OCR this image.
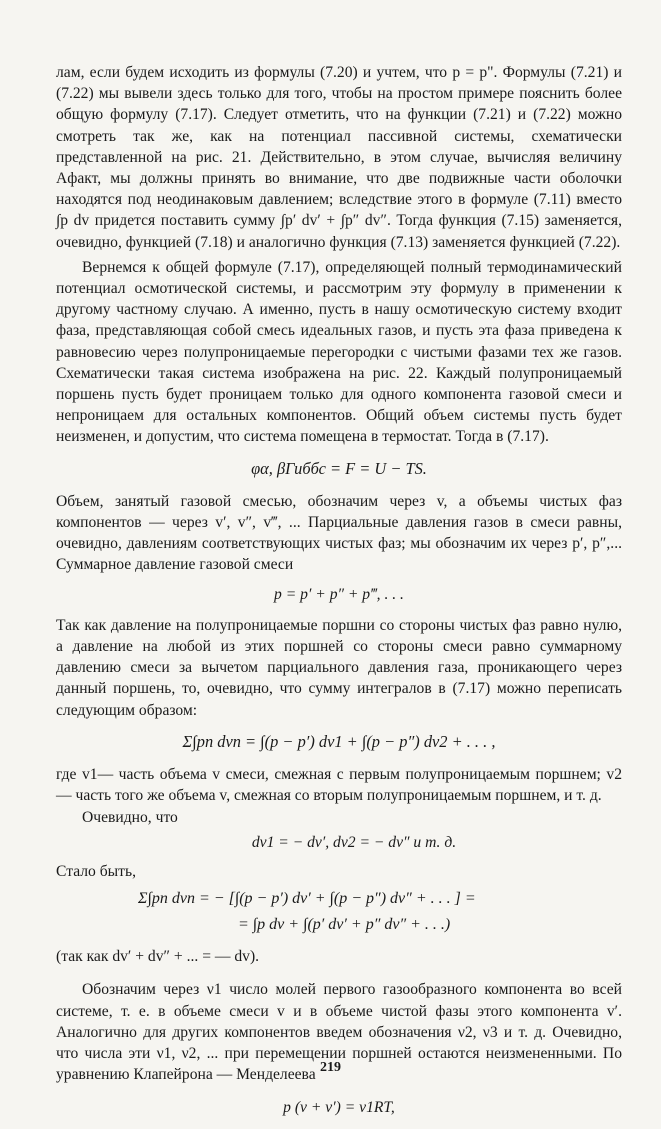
лам, если будем исходить из формулы (7.20) и учтем, что p = p". Формулы (7.21) и (7.22) мы вывели здесь только для того, чтобы на простом примере пояснить более общую формулу (7.17). Следует отметить, что на функции (7.21) и (7.22) можно смотреть так же, как на потенциал пассивной системы, схематически представленной на рис. 21. Действительно, в этом случае, вычисляя величину Aфакт, мы должны принять во внимание, что две подвижные части оболочки находятся под неодинаковым давлением; вследствие этого в формуле (7.11) вместо ∫p dv придется поставить сумму ∫p′ dv′ + ∫p″ dv″. Тогда функция (7.15) заменяется, очевидно, функцией (7.18) и аналогично функция (7.13) заменяется функцией (7.22).

Вернемся к общей формуле (7.17), определяющей полный термодинамический потенциал осмотической системы, и рассмотрим эту формулу в применении к другому частному случаю. А именно, пусть в нашу осмотическую систему входит фаза, представляющая собой смесь идеальных газов, и пусть эта фаза приведена к равновесию через полупроницаемые перегородки с чистыми фазами тех же газов. Схематически такая система изображена на рис. 22. Каждый полупроницаемый поршень пусть будет проницаем только для одного компонента газовой смеси и непроницаем для остальных компонентов. Общий объем системы пусть будет неизменен, и допустим, что система помещена в термостат. Тогда в (7.17).

φα, βГиббс = F = U − TS.

Объем, занятый газовой смесью, обозначим через v, а объемы чистых фаз компонентов — через v′, v″, v‴, ... Парциальные давления газов в смеси равны, очевидно, давлениям соответствующих чистых фаз; мы обозначим их через p′, p″,... Суммарное давление газовой смеси

p = p′ + p″ + p‴, . . .

Так как давление на полупроницаемые поршни со стороны чистых фаз равно нулю, а давление на любой из этих поршней со стороны смеси равно суммарному давлению смеси за вычетом парциального давления газа, проникающего через данный поршень, то, очевидно, что сумму интегралов в (7.17) можно переписать следующим образом:

Σ∫pn dvn = ∫(p − p′) dv1 + ∫(p − p″) dv2 + . . . ,

где v1— часть объема v смеси, смежная с первым полупроницаемым поршнем; v2 — часть того же объема v, смежная со вторым полупроницаемым поршнем, и т. д.

Очевидно, что

dv1 = − dv′, dv2 = − dv″ и т. д.

Стало быть,

Σ∫pn dvn = − [∫(p − p′) dv′ + ∫(p − p″) dv″ + . . . ] =
= ∫p dv + ∫(p′ dv′ + p″ dv″ + . . .)

(так как dv′ + dv″ + ... = — dv).

Обозначим через ν1 число молей первого газообразного компонента во всей системе, т. е. в объеме смеси v и в объеме чистой фазы этого компонента v′. Аналогично для других компонентов введем обозначения ν2, ν3 и т. д. Очевидно, что числа эти ν1, ν2, ... при перемещении поршней остаются неизмененными. По уравнению Клапейрона — Менделеева

p (v + v′) = ν1RT,
219
